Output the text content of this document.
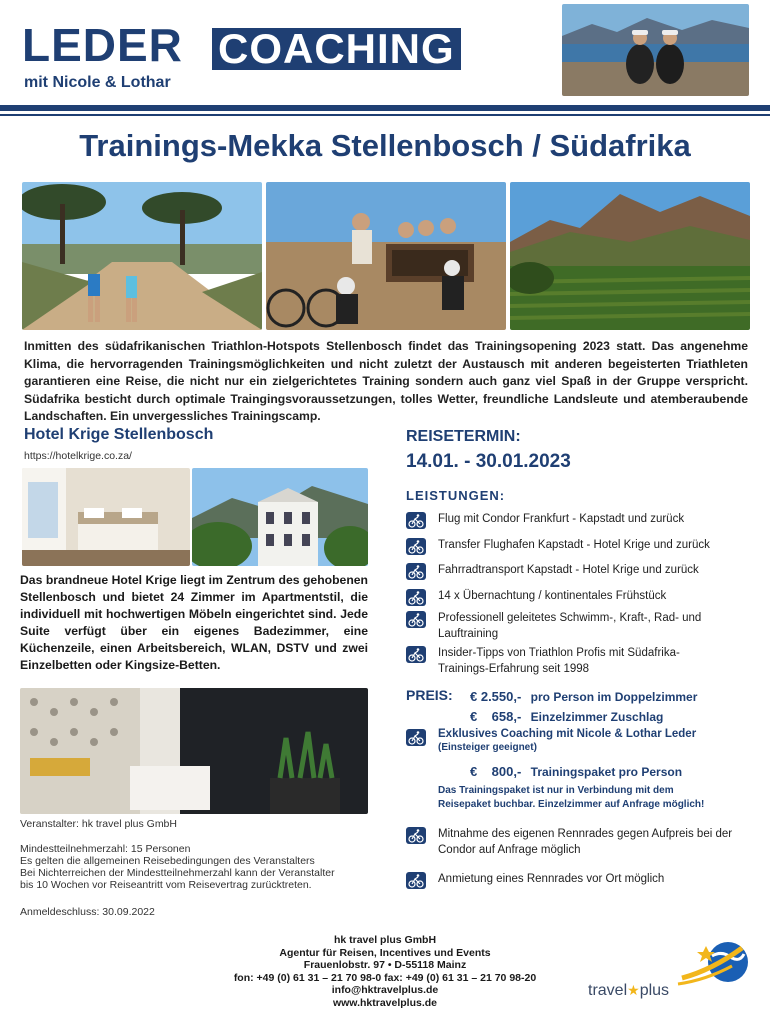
LEDER COACHING
mit Nicole & Lothar
Trainings-Mekka Stellenbosch / Südafrika

Inmitten des südafrikanischen Triathlon-Hotspots Stellenbosch findet das Trainingsopening 2023 statt. Das angenehme Klima, die hervorragenden Trainingsmöglichkeiten und nicht zuletzt der Austausch mit anderen begeisterten Triathleten garantieren eine Reise, die nicht nur ein zielgerichtetes Training sondern auch ganz viel Spaß in der Gruppe verspricht. Südafrika besticht durch optimale Traingingsvoraussetzungen, tolles Wetter, freundliche Landsleute und atemberaubende Landschaften. Ein unvergessliches Trainingscamp.

Hotel Krige Stellenbosch
https://hotelkrige.co.za/

Das brandneue Hotel Krige liegt im Zentrum des gehobenen Stellenbosch und bietet 24 Zimmer im Apartmentstil, die individuell mit hochwertigen Möbeln eingerichtet sind. Jede Suite verfügt über ein eigenes Badezimmer, eine Küchenzeile, einen Arbeitsbereich, WLAN, DSTV und zwei Einzelbetten oder Kingsize-Betten.

Veranstalter: hk travel plus GmbH
Mindestteilnehmerzahl: 15 Personen
Es gelten die allgemeinen Reisebedingungen des Veranstalters
Bei Nichterreichen der Mindestteilnehmerzahl kann der Veranstalter
bis 10 Wochen vor Reiseantritt vom Reisevertrag zurücktreten.
Anmeldeschluss: 30.09.2022
REISETERMIN:
14.01. - 30.01.2023
LEISTUNGEN:
Flug mit Condor Frankfurt - Kapstadt und zurück
Transfer Flughafen Kapstadt - Hotel Krige und zurück
Fahrradtransport Kapstadt - Hotel Krige und zurück
14 x Übernachtung / kontinentales Frühstück
Professionell geleitetes Schwimm-, Kraft-, Rad- und Lauftraining
Insider-Tipps von Triathlon Profis mit Südafrika-Trainings-Erfahrung seit 1998
PREIS: € 2.550,- pro Person im Doppelzimmer
€    658,- Einzelzimmer Zuschlag
Exklusives Coaching mit Nicole & Lothar Leder
(Einsteiger geeignet)
€    800,- Trainingspaket pro Person
Das Trainingspaket ist nur in Verbindung mit dem
Reisepaket buchbar. Einzelzimmer auf Anfrage möglich!
Mitnahme des eigenen Rennrades gegen Aufpreis bei der Condor auf Anfrage möglich
Anmietung eines Rennrades vor Ort möglich
hk travel plus GmbH
Agentur für Reisen, Incentives und Events
Frauenlobstr. 97 • D-55118 Mainz
fon: +49 (0) 61 31 – 21 70 98-0 fax: +49 (0) 61 31 – 21 70 98-20
info@hktravelplus.de
www.hktravelplus.de
travel★plus
